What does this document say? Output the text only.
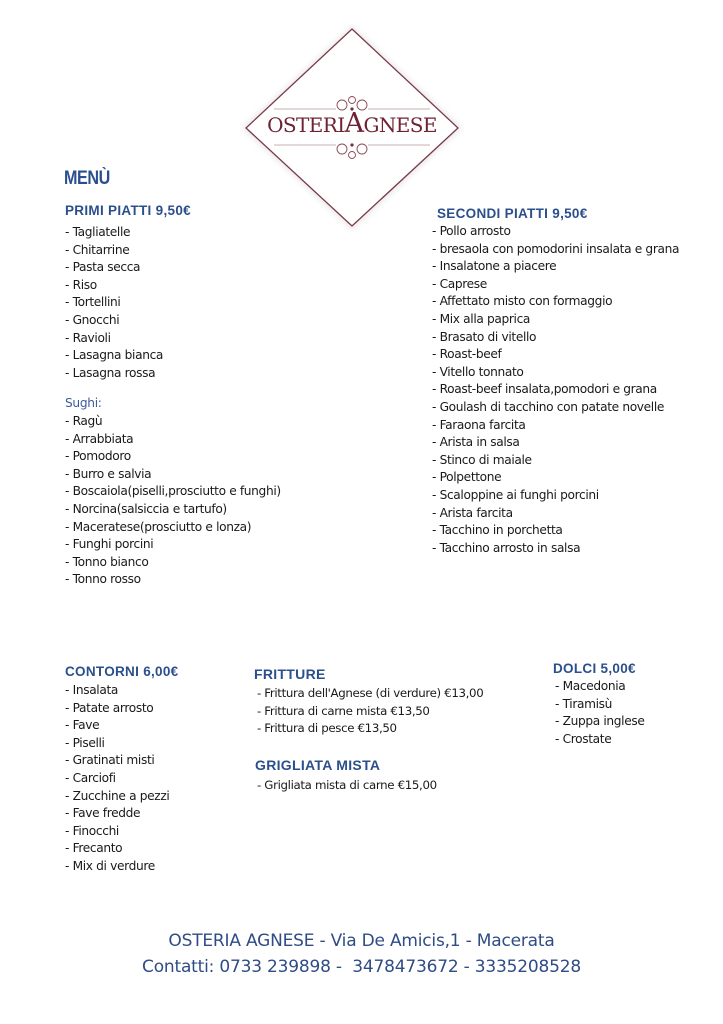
OSTERIAGNESE
MENÙ
PRIMI PIATTI 9,50€
- Tagliatelle
- Chitarrine
- Pasta secca
- Riso
- Tortellini
- Gnocchi
- Ravioli
- Lasagna bianca
- Lasagna rossa
Sughi:
- Ragù
- Arrabbiata
- Pomodoro
- Burro e salvia
- Boscaiola(piselli,prosciutto e funghi)
- Norcina(salsiccia e tartufo)
- Maceratese(prosciutto e lonza)
- Funghi porcini
- Tonno bianco
- Tonno rosso
SECONDI PIATTI 9,50€
- Pollo arrosto
- bresaola con pomodorini insalata e grana
- Insalatone a piacere
- Caprese
- Affettato misto con formaggio
- Mix alla paprica
- Brasato di vitello
- Roast-beef
- Vitello tonnato
- Roast-beef insalata,pomodori e grana
- Goulash di tacchino con patate novelle
- Faraona farcita
- Arista in salsa
- Stinco di maiale
- Polpettone
- Scaloppine ai funghi porcini
- Arista farcita
- Tacchino in porchetta
- Tacchino arrosto in salsa
CONTORNI 6,00€
- Insalata
- Patate arrosto
- Fave
- Piselli
- Gratinati misti
- Carciofi
- Zucchine a pezzi
- Fave fredde
- Finocchi
- Frecanto
- Mix di verdure
FRITTURE
- Frittura dell'Agnese (di verdure) €13,00
- Frittura di carne mista €13,50
- Frittura di pesce €13,50
GRIGLIATA MISTA
- Grigliata mista di carne €15,00
DOLCI 5,00€
- Macedonia
- Tiramisù
- Zuppa inglese
- Crostate
OSTERIA AGNESE - Via De Amicis,1 - Macerata
Contatti: 0733 239898 -  3478473672 - 3335208528
